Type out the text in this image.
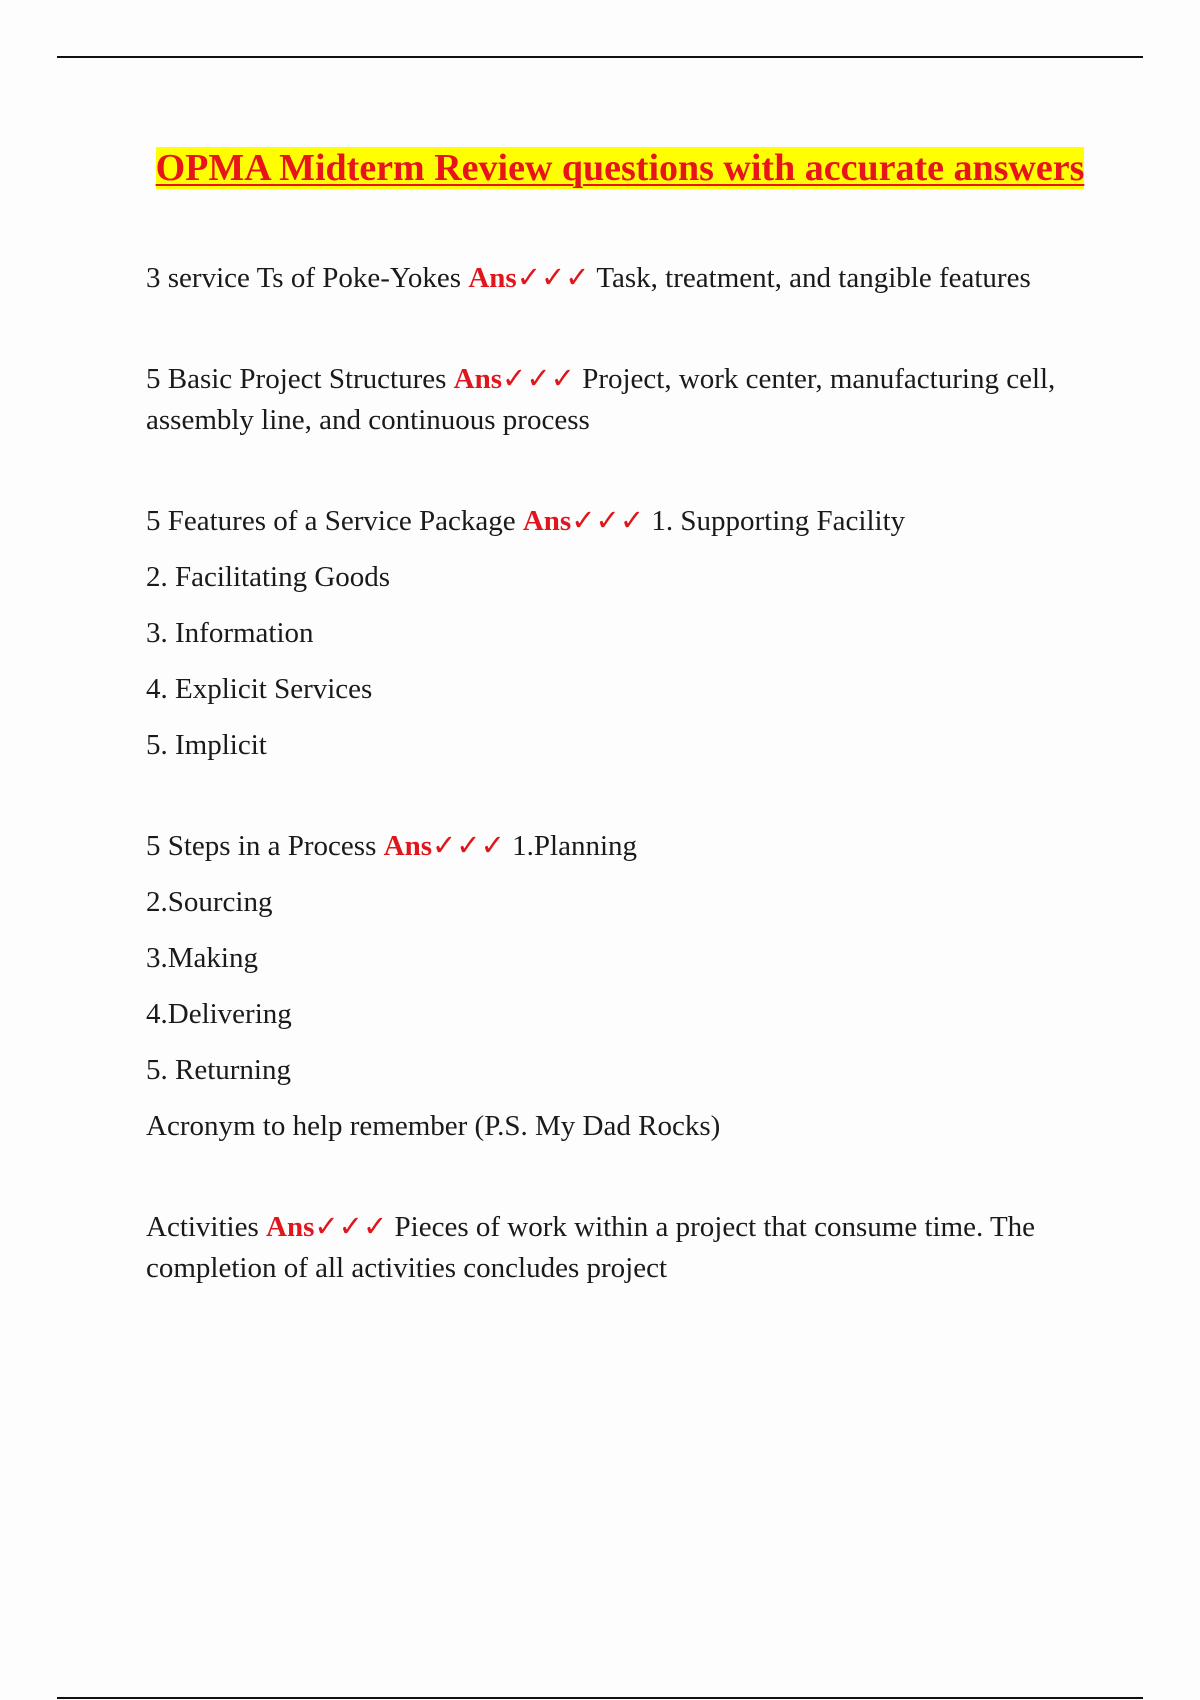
OPMA Midterm Review questions with accurate answers

3 service Ts of Poke-Yokes Ans✓✓✓ Task, treatment, and tangible features

5 Basic Project Structures Ans✓✓✓ Project, work center, manufacturing cell, assembly line, and continuous process

5 Features of a Service Package Ans✓✓✓ 1. Supporting Facility

2. Facilitating Goods

3. Information

4. Explicit Services

5. Implicit

5 Steps in a Process Ans✓✓✓ 1.Planning

2.Sourcing

3.Making

4.Delivering

5. Returning

Acronym to help remember (P.S. My Dad Rocks)

Activities Ans✓✓✓ Pieces of work within a project that consume time. The completion of all activities concludes project
